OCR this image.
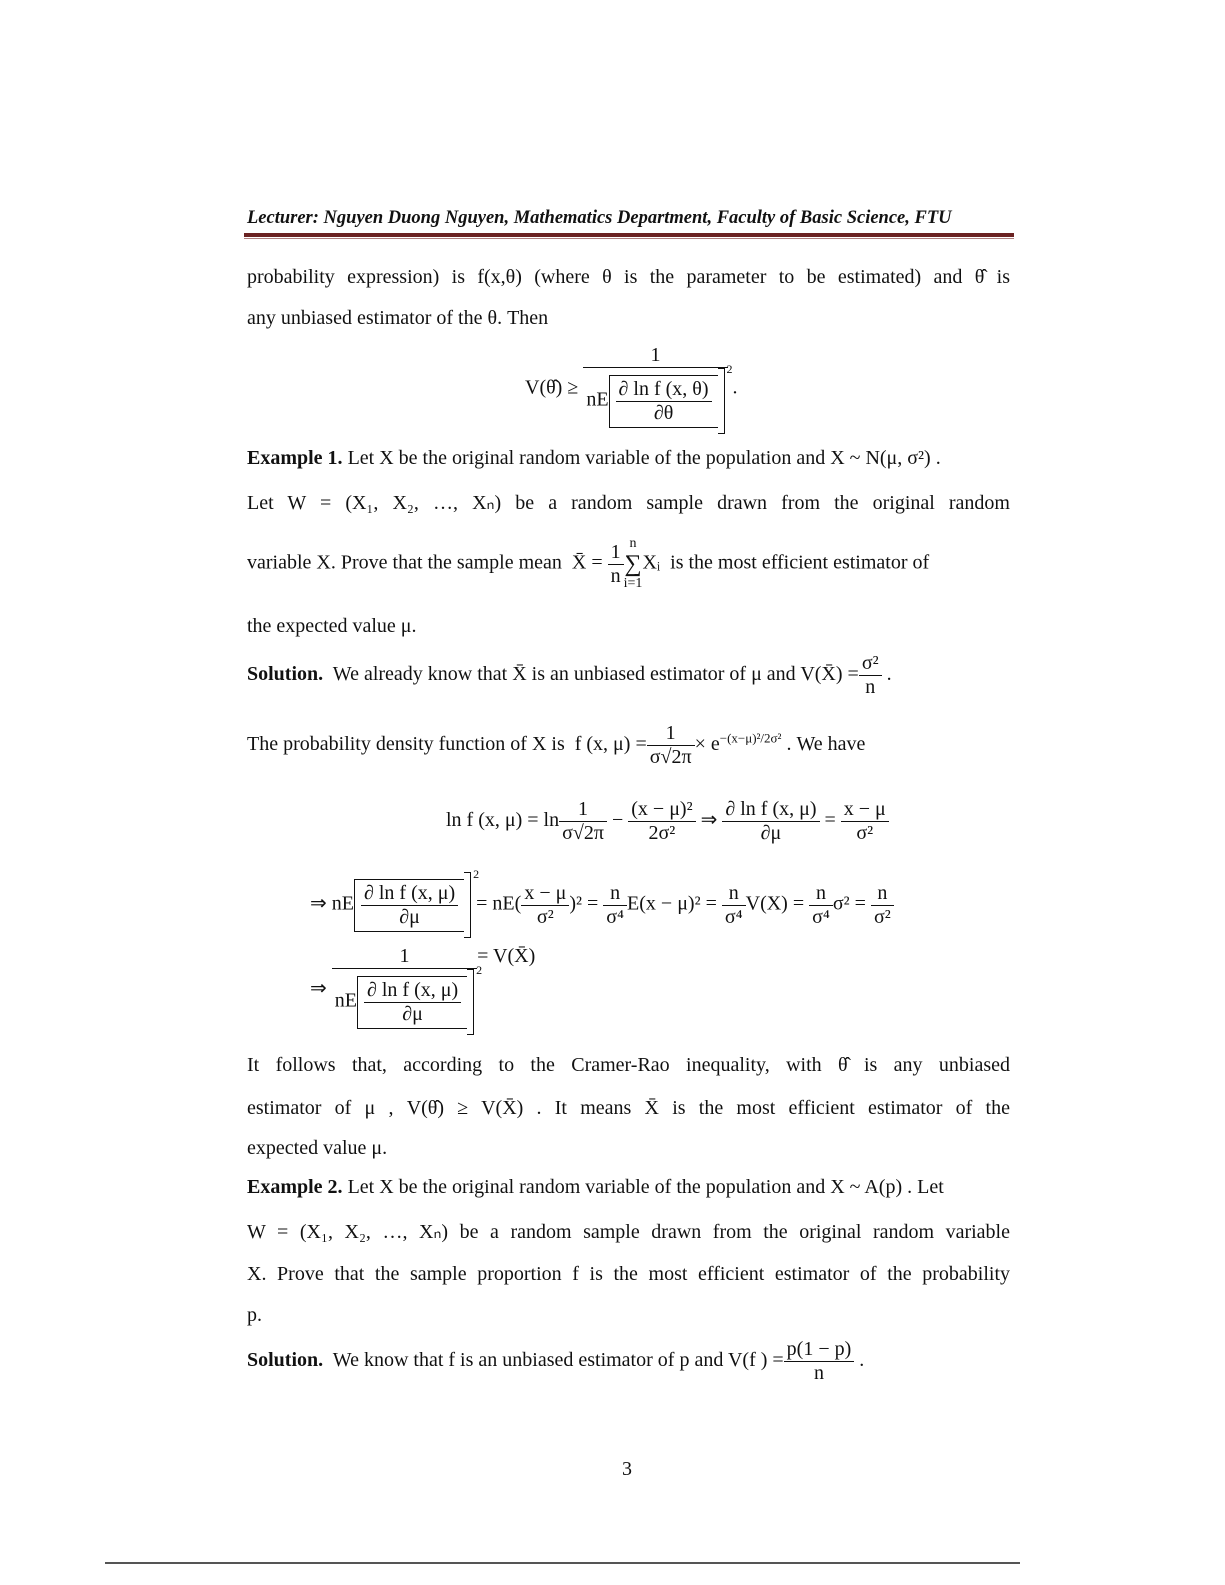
Lecturer: Nguyen Duong Nguyen, Mathematics Department, Faculty of Basic Science, FTU
probability expression) is f(x,θ) (where θ is the parameter to be estimated) and θ̂ is
any unbiased estimator of the θ. Then
V(θ̂) ≥ 1
nE $\frac{\text{∂ ln f (x, θ)}}{\partial\theta}$
2 .
Example 1. Let X be the original random variable of the population and X ~ N(μ, σ²) .
Let W = (X₁, X₂, …, Xₙ) be a random sample drawn from the original random
variable X. Prove that the sample mean X̄ = $\frac{1}{n}$ n
∑
i=1
Xᵢ is the most efficient estimator of
the expected value μ.
Solution. We already know that X̄ is an unbiased estimator of μ and V(X̄) = $\frac{\text{σ²}}{n}$ .
The probability density function of X is f (x, $\mu) = \frac{1}{\sigma√2\pi} \times e^{-(x-\mu)^2/2\sigma^2}$ . We have
ln f (x, $\mu) = \ln \frac{1}{\sigma√2\pi} - \frac{\text{(x − μ)²}}{\text{2σ²}}$ ⇒ $\frac{\text{∂ ln f (x, μ)}}{\partial\mu} = \frac{x - \mu}{\text{σ²}}$
⇒ nE $\frac{\text{∂ ln f (x, μ)}}{\partial\mu}$
2
= $nE( \frac{x - \mu}{\text{σ²}} )^2 = \frac{n}{\text{σ⁴}} E(x - \mu)^2 = \frac{n}{\text{σ⁴}} V(X) = \frac{n}{\text{σ⁴}} \sigma^2 = \frac{n}{\text{σ²}}$
⇒ 1
nE $\frac{\text{∂ ln f (x, μ)}}{\partial\mu}$
2 = V(X̄)
It follows that, according to the Cramer-Rao inequality, with θ̂ is any unbiased
estimator of μ , V(θ̂) ≥ V(X̄) . It means X̄ is the most efficient estimator of the
expected value μ.
Example 2. Let X be the original random variable of the population and X ~ A(p) . Let
W = (X₁, X₂, …, Xₙ) be a random sample drawn from the original random variable
X. Prove that the sample proportion f is the most efficient estimator of the probability
p.
Solution. We know that f is an unbiased estimator of p and V(f ) = $\frac{p(1 - p)}{n}$ .
3
